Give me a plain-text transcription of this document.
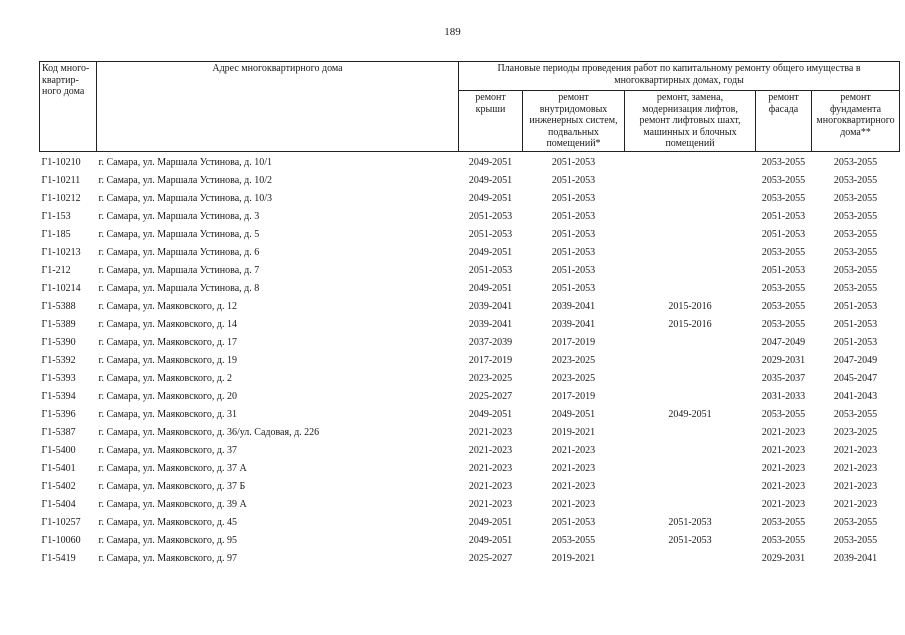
189
Код много-квартир-ного дома	Адрес многоквартирного дома	Плановые периоды проведения работ по капитальному ремонту общего имущества в многоквартирных домах, годы				
		ремонт крыши	ремонт внутридомовых инженерных систем, подвальных помещений*	ремонт, замена, модернизация лифтов, ремонт лифтовых шахт, машинных и блочных помещений	ремонт фасада	ремонт фундамента многоквартирного дома**
Г1-10210	г. Самара, ул. Маршала Устинова, д. 10/1	2049-2051	2051-2053		2053-2055	2053-2055
Г1-10211	г. Самара, ул. Маршала Устинова, д. 10/2	2049-2051	2051-2053		2053-2055	2053-2055
Г1-10212	г. Самара, ул. Маршала Устинова, д. 10/3	2049-2051	2051-2053		2053-2055	2053-2055
Г1-153	г. Самара, ул. Маршала Устинова, д. 3	2051-2053	2051-2053		2051-2053	2053-2055
Г1-185	г. Самара, ул. Маршала Устинова, д. 5	2051-2053	2051-2053		2051-2053	2053-2055
Г1-10213	г. Самара, ул. Маршала Устинова, д. 6	2049-2051	2051-2053		2053-2055	2053-2055
Г1-212	г. Самара, ул. Маршала Устинова, д. 7	2051-2053	2051-2053		2051-2053	2053-2055
Г1-10214	г. Самара, ул. Маршала Устинова, д. 8	2049-2051	2051-2053		2053-2055	2053-2055
Г1-5388	г. Самара, ул. Маяковского, д. 12	2039-2041	2039-2041	2015-2016	2053-2055	2051-2053
Г1-5389	г. Самара, ул. Маяковского, д. 14	2039-2041	2039-2041	2015-2016	2053-2055	2051-2053
Г1-5390	г. Самара, ул. Маяковского, д. 17	2037-2039	2017-2019		2047-2049	2051-2053
Г1-5392	г. Самара, ул. Маяковского, д. 19	2017-2019	2023-2025		2029-2031	2047-2049
Г1-5393	г. Самара, ул. Маяковского, д. 2	2023-2025	2023-2025		2035-2037	2045-2047
Г1-5394	г. Самара, ул. Маяковского, д. 20	2025-2027	2017-2019		2031-2033	2041-2043
Г1-5396	г. Самара, ул. Маяковского, д. 31	2049-2051	2049-2051	2049-2051	2053-2055	2053-2055
Г1-5387	г. Самара, ул. Маяковского, д. 36/ул. Садовая, д. 226	2021-2023	2019-2021		2021-2023	2023-2025
Г1-5400	г. Самара, ул. Маяковского, д. 37	2021-2023	2021-2023		2021-2023	2021-2023
Г1-5401	г. Самара, ул. Маяковского, д. 37 А	2021-2023	2021-2023		2021-2023	2021-2023
Г1-5402	г. Самара, ул. Маяковского, д. 37 Б	2021-2023	2021-2023		2021-2023	2021-2023
Г1-5404	г. Самара, ул. Маяковского, д. 39 А	2021-2023	2021-2023		2021-2023	2021-2023
Г1-10257	г. Самара, ул. Маяковского, д. 45	2049-2051	2051-2053	2051-2053	2053-2055	2053-2055
Г1-10060	г. Самара, ул. Маяковского, д. 95	2049-2051	2053-2055	2051-2053	2053-2055	2053-2055
Г1-5419	г. Самара, ул. Маяковского, д. 97	2025-2027	2019-2021		2029-2031	2039-2041
